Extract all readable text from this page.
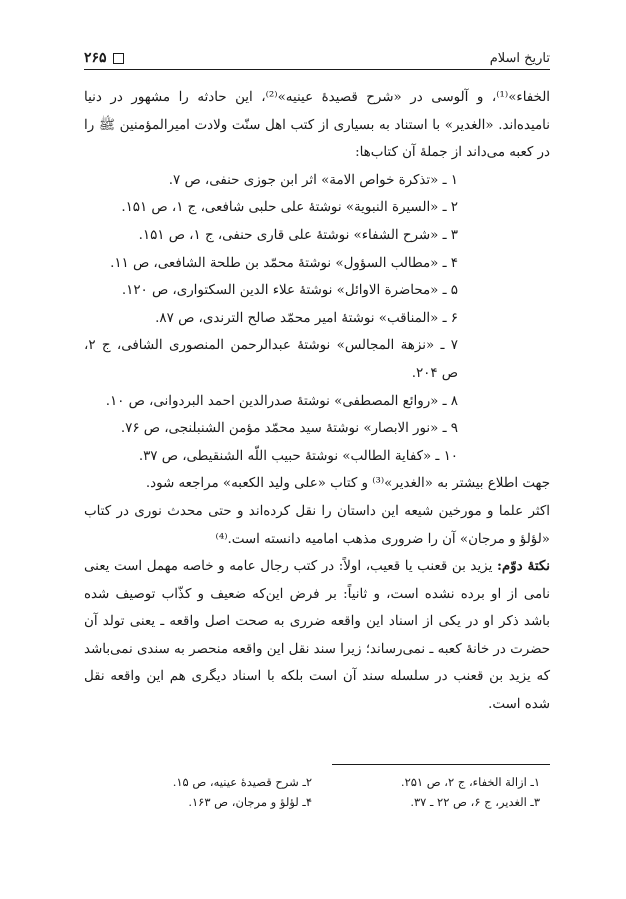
تاریخ اسلام
۲۶۵

الخفاء»⁽¹⁾، و آلوسی در «شرح قصیدهٔ عینیه»⁽²⁾، این حادثه را مشهور در دنیا نامیده‌اند. «الغدیر» با استناد به بسیاری از کتب اهل سنّت ولادت امیرالمؤمنین ﷺ را در کعبه می‌داند از جملهٔ آن کتاب‌ها:

۱ ـ «تذکرة خواص الامة» اثر ابن جوزی حنفی، ص ۷.
۲ ـ «السیرة النبویة» نوشتهٔ علی حلبی شافعی، ج ۱، ص ۱۵۱.
۳ ـ «شرح الشفاء» نوشتهٔ علی قاری حنفی، ج ۱، ص ۱۵۱.
۴ ـ «مطالب السؤول» نوشتهٔ محمّد بن طلحة الشافعی، ص ۱۱.
۵ ـ «محاضرة الاوائل» نوشتهٔ علاء الدین السکتواری، ص ۱۲۰.
۶ ـ «المناقب» نوشتهٔ امیر محمّد صالح الترندی، ص ۸۷.
۷ ـ «نزهة المجالس» نوشتهٔ عبدالرحمن المنصوری الشافی، ج ۲، ص ۲۰۴.
۸ ـ «روائع المصطفی» نوشتهٔ صدرالدین احمد البردوانی، ص ۱۰.
۹ ـ «نور الابصار» نوشتهٔ سید محمّد مؤمن الشنبلنجی، ص ۷۶.
۱۰ ـ «کفایة الطالب» نوشتهٔ حبیب اللّه الشنقیطی، ص ۳۷.

جهت اطلاع بیشتر به «الغدیر»⁽³⁾ و کتاب «علی ولید الکعبه» مراجعه شود.

اکثر علما و مورخین شیعه این داستان را نقل کرده‌اند و حتی محدث نوری در کتاب «لؤلؤ و مرجان» آن را ضروری مذهب امامیه دانسته است.⁽⁴⁾

نکتهٔ دوّم: یزید بن قعنب یا قعیب، اولاً: در کتب رجال عامه و خاصه مهمل است یعنی نامی از او برده نشده است، و ثانیاً: بر فرض این‌که ضعیف و کذّاب توصیف شده باشد ذکر او در یکی از اسناد این واقعه ضرری به صحت اصل واقعه ـ یعنی تولد آن حضرت در خانهٔ کعبه ـ نمی‌رساند؛ زیرا سند نقل این واقعه منحصر به سندی نمی‌باشد که یزید بن قعنب در سلسله سند آن است بلکه با اسناد دیگری هم این واقعه نقل شده است.

۱ـ ازالة الخفاء، ج ۲، ص ۲۵۱.
۲ـ شرح قصیدهٔ عینیه، ص ۱۵.
۳ـ الغدیر، ج ۶، ص ۲۲ ـ ۳۷.
۴ـ لؤلؤ و مرجان، ص ۱۶۳.
